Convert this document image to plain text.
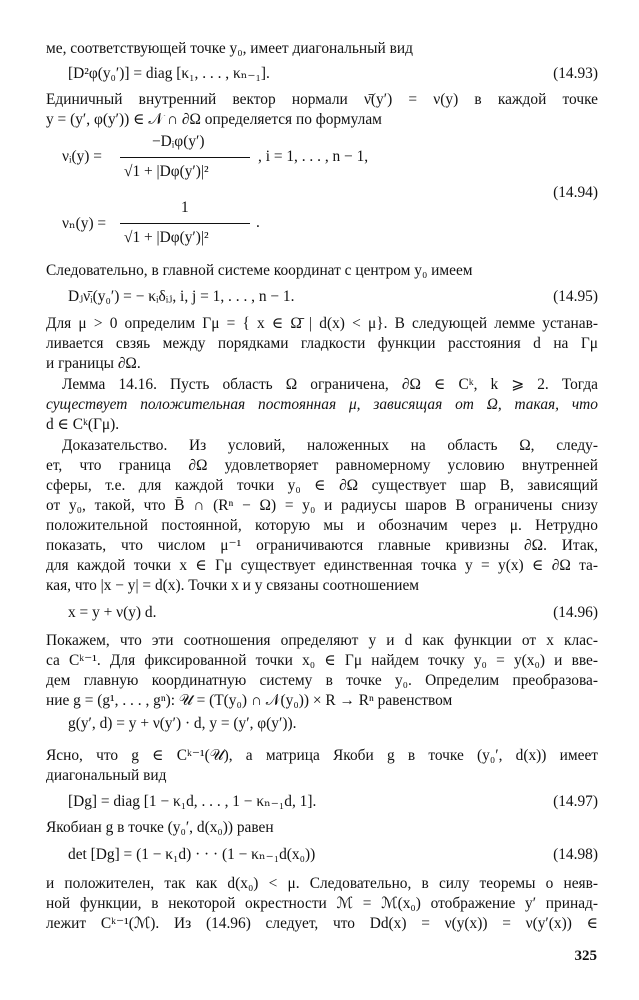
ме, соответствующей точке y₀, имеет диагональный вид
[D²φ(y₀′)] = diag [κ₁, . . . , κₙ₋₁].	(14.93)
Единичный внутренний вектор нормали ν̄(y′) = ν(y) в каждой точке
y = (y′, φ(y′)) ∈ 𝒩 ∩ ∂Ω определяется по формулам
νᵢ(y) =
−Dᵢφ(y′)
√1 + |Dφ(y′)|²
, i = 1, . . . , n − 1,
νₙ(y) =
1
√1 + |Dφ(y′)|²
.
(14.94)
Следовательно, в главной системе координат с центром y₀ имеем
Dⱼν̄ᵢ(y₀′) = − κᵢδᵢⱼ, i, j = 1, . . . , n − 1.	(14.95)
Для μ > 0 определим Γμ = { x ∈ Ω̄ | d(x) < μ}. В следующей лемме устанав-
ливается свзяь между порядками гладкости функции расстояния d на Γμ
и границы ∂Ω.
Лемма 14.16. Пусть область Ω ограничена, ∂Ω ∈ Cᵏ, k ⩾ 2. Тогда
существует положительная постоянная μ, зависящая от Ω, такая, что
d ∈ Cᵏ(Γμ).
Доказательство. Из условий, наложенных на область Ω, следу-
ет, что граница ∂Ω удовлетворяет равномерному условию внутренней
сферы, т.е. для каждой точки y₀ ∈ ∂Ω существует шар B, зависящий
от y₀, такой, что B̄ ∩ (Rⁿ − Ω) = y₀ и радиусы шаров B ограничены снизу
положительной постоянной, которую мы и обозначим через μ. Нетрудно
показать, что числом μ⁻¹ ограничиваются главные кривизны ∂Ω. Итак,
для каждой точки x ∈ Γμ существует единственная точка y = y(x) ∈ ∂Ω та-
кая, что |x − y| = d(x). Точки x и y связаны соотношением
x = y + ν(y) d.	(14.96)
Покажем, что эти соотношения определяют y и d как функции от x клас-
са Cᵏ⁻¹. Для фиксированной точки x₀ ∈ Γμ найдем точку y₀ = y(x₀) и вве-
дем главную координатную систему в точке y₀. Определим преобразова-
ние g = (g¹, . . . , gⁿ): 𝒰 = (T(y₀) ∩ 𝒩(y₀)) × R → Rⁿ равенством
g(y′, d) = y + ν(y′) · d, y = (y′, φ(y′)).
Ясно, что g ∈ Cᵏ⁻¹(𝒰), а матрица Якоби g в точке (y₀′, d(x)) имеет
диагональный вид
[Dg] = diag [1 − κ₁d, . . . , 1 − κₙ₋₁d, 1].	(14.97)
Якобиан g в точке (y₀′, d(x₀)) равен
det [Dg] = (1 − κ₁d) · · · (1 − κₙ₋₁d(x₀))	(14.98)
и положителен, так как d(x₀) < μ. Следовательно, в силу теоремы о неяв-
ной функции, в некоторой окрестности ℳ = ℳ(x₀) отображение y′ принад-
лежит Cᵏ⁻¹(ℳ). Из (14.96) следует, что Dd(x) = ν(y(x)) = ν(y′(x)) ∈
325
